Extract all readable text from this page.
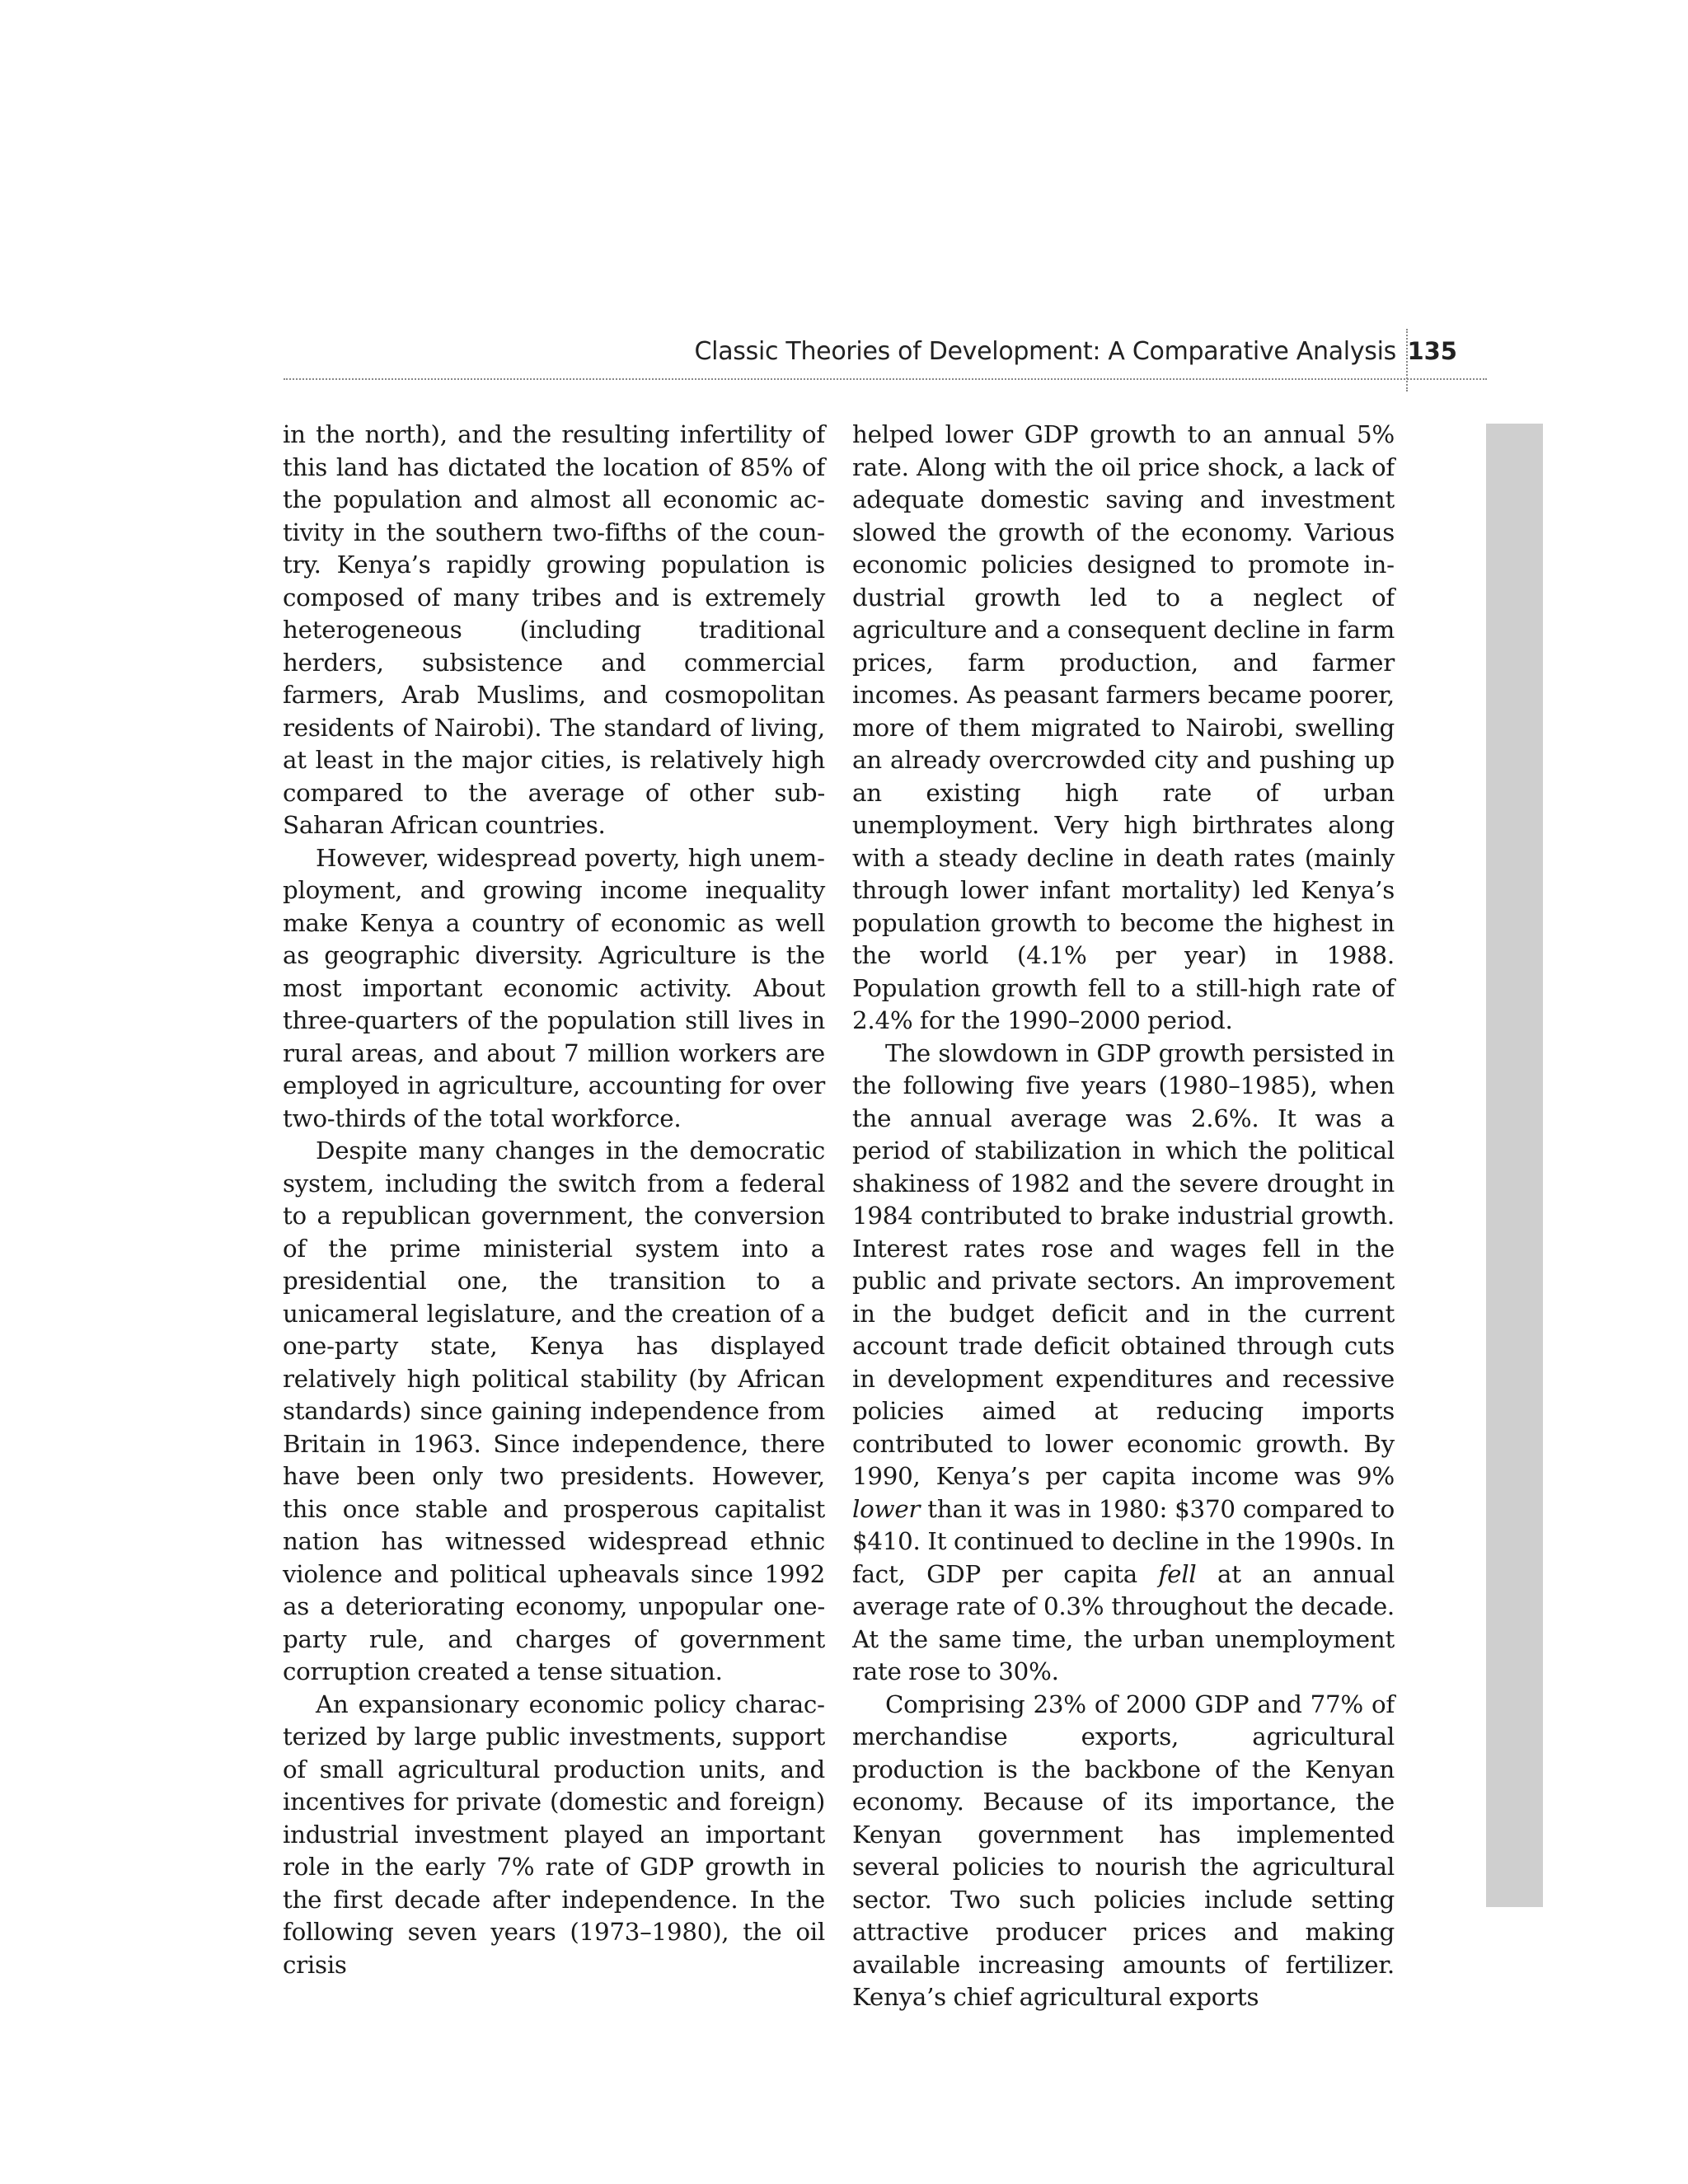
Classic Theories of Development: A Comparative Analysis 135

in the north), and the resulting infertility of this land has dictated the location of 85% of the population and almost all economic activity in the southern two-fifths of the country. Kenya’s rapidly growing population is composed of many tribes and is extremely heterogeneous (including traditional herders, subsistence and commercial farmers, Arab Muslims, and cosmopolitan residents of Nairobi). The standard of living, at least in the major cities, is relatively high compared to the average of other sub-Saharan African countries.

However, widespread poverty, high unemployment, and growing income inequality make Kenya a country of economic as well as geographic diversity. Agriculture is the most important economic activity. About three-quarters of the population still lives in rural areas, and about 7 million workers are employed in agriculture, accounting for over two-thirds of the total workforce.

Despite many changes in the democratic system, including the switch from a federal to a republican government, the conversion of the prime ministerial system into a presidential one, the transition to a unicameral legislature, and the creation of a one-party state, Kenya has displayed relatively high political stability (by African standards) since gaining independence from Britain in 1963. Since independence, there have been only two presidents. However, this once stable and prosperous capitalist nation has witnessed widespread ethnic violence and political upheavals since 1992 as a deteriorating economy, unpopular one-party rule, and charges of government corruption created a tense situation.

An expansionary economic policy characterized by large public investments, support of small agricultural production units, and incentives for private (domestic and foreign) industrial investment played an important role in the early 7% rate of GDP growth in the first decade after independence. In the following seven years (1973–1980), the oil crisis

helped lower GDP growth to an annual 5% rate. Along with the oil price shock, a lack of adequate domestic saving and investment slowed the growth of the economy. Various economic policies designed to promote industrial growth led to a neglect of agriculture and a consequent decline in farm prices, farm production, and farmer incomes. As peasant farmers became poorer, more of them migrated to Nairobi, swelling an already overcrowded city and pushing up an existing high rate of urban unemployment. Very high birthrates along with a steady decline in death rates (mainly through lower infant mortality) led Kenya’s population growth to become the highest in the world (4.1% per year) in 1988. Population growth fell to a still-high rate of 2.4% for the 1990–2000 period.

The slowdown in GDP growth persisted in the following five years (1980–1985), when the annual average was 2.6%. It was a period of stabilization in which the political shakiness of 1982 and the severe drought in 1984 contributed to brake industrial growth. Interest rates rose and wages fell in the public and private sectors. An improvement in the budget deficit and in the current account trade deficit obtained through cuts in development expenditures and recessive policies aimed at reducing imports contributed to lower economic growth. By 1990, Kenya’s per capita income was 9% lower than it was in 1980: $370 compared to $410. It continued to decline in the 1990s. In fact, GDP per capita fell at an annual average rate of 0.3% throughout the decade. At the same time, the urban unemployment rate rose to 30%.

Comprising 23% of 2000 GDP and 77% of merchandise exports, agricultural production is the backbone of the Kenyan economy. Because of its importance, the Kenyan government has implemented several policies to nourish the agricultural sector. Two such policies include setting attractive producer prices and making available increasing amounts of fertilizer. Kenya’s chief agricultural exports
